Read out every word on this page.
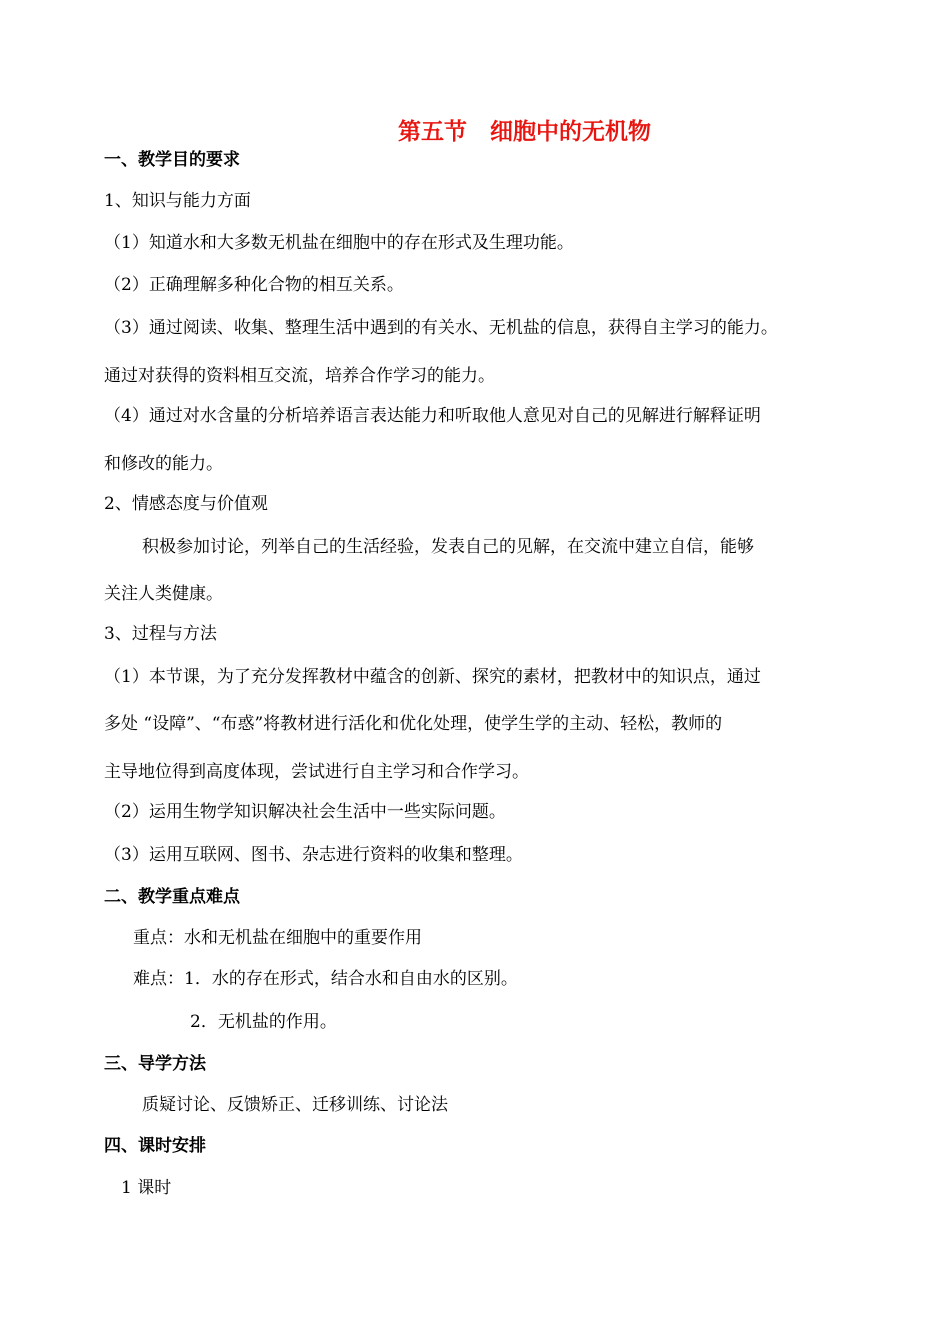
第五节　细胞中的无机物
一、教学目的要求
1、知识与能力方面
（1）知道水和大多数无机盐在细胞中的存在形式及生理功能。
（2）正确理解多种化合物的相互关系。
（3）通过阅读、收集、整理生活中遇到的有关水、无机盐的信息，获得自主学习的能力。
通过对获得的资料相互交流，培养合作学习的能力。
（4）通过对水含量的分析培养语言表达能力和听取他人意见对自己的见解进行解释证明
和修改的能力。
2、情感态度与价值观
积极参加讨论，列举自己的生活经验，发表自己的见解，在交流中建立自信，能够
关注人类健康。
3、过程与方法
（1）本节课，为了充分发挥教材中蕴含的创新、探究的素材，把教材中的知识点，通过
多处 “设障”、“布惑”将教材进行活化和优化处理，使学生学的主动、轻松，教师的
主导地位得到高度体现，尝试进行自主学习和合作学习。
（2）运用生物学知识解决社会生活中一些实际问题。
（3）运用互联网、图书、杂志进行资料的收集和整理。
二、教学重点难点
重点：水和无机盐在细胞中的重要作用
难点：1．水的存在形式，结合水和自由水的区别。
2．无机盐的作用。
三、导学方法
质疑讨论、反馈矫正、迁移训练、讨论法
四、课时安排
1 课时
